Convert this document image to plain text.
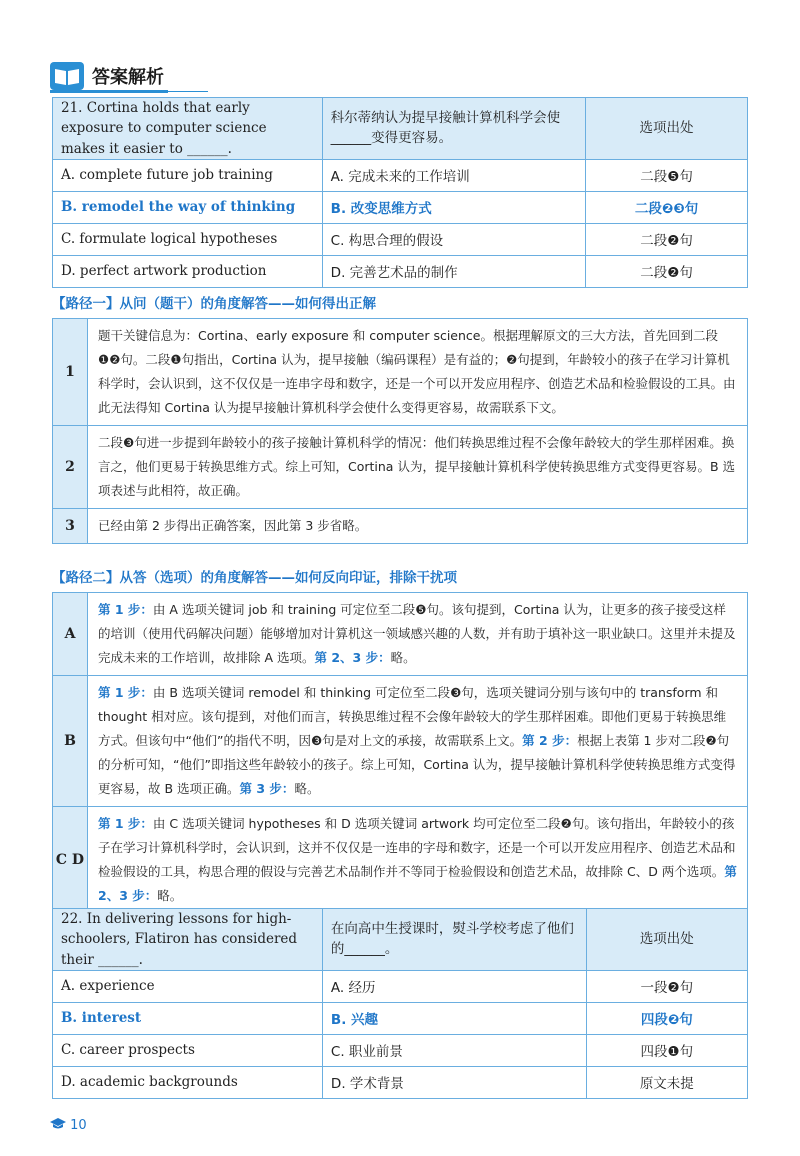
答案解析
21. Cortina holds that early exposure to computer science makes it easier to ______.	科尔蒂纳认为提早接触计算机科学会使______变得更容易。	选项出处
A. complete future job training	A. 完成未来的工作培训	二段❺句
B. remodel the way of thinking	B. 改变思维方式	二段❷❸句
C. formulate logical hypotheses	C. 构思合理的假设	二段❷句
D. perfect artwork production	D. 完善艺术品的制作	二段❷句
【路径一】从问（题干）的角度解答——如何得出正解
1	题干关键信息为：Cortina、early exposure 和 computer science。根据理解原文的三大方法，首先回到二段❶❷句。二段❶句指出，Cortina 认为，提早接触（编码课程）是有益的；❷句提到，年龄较小的孩子在学习计算机科学时，会认识到，这不仅仅是一连串字母和数字，还是一个可以开发应用程序、创造艺术品和检验假设的工具。由此无法得知 Cortina 认为提早接触计算机科学会使什么变得更容易，故需联系下文。
2	二段❸句进一步提到年龄较小的孩子接触计算机科学的情况：他们转换思维过程不会像年龄较大的学生那样困难。换言之，他们更易于转换思维方式。综上可知，Cortina 认为，提早接触计算机科学使转换思维方式变得更容易。B 选项表述与此相符，故正确。
3	已经由第 2 步得出正确答案，因此第 3 步省略。
【路径二】从答（选项）的角度解答——如何反向印证，排除干扰项
A	第 1 步：由 A 选项关键词 job 和 training 可定位至二段❺句。该句提到，Cortina 认为，让更多的孩子接受这样的培训（使用代码解决问题）能够增加对计算机这一领域感兴趣的人数，并有助于填补这一职业缺口。这里并未提及完成未来的工作培训，故排除 A 选项。第 2、3 步：略。
B	第 1 步：由 B 选项关键词 remodel 和 thinking 可定位至二段❸句，选项关键词分别与该句中的 transform 和 thought 相对应。该句提到，对他们而言，转换思维过程不会像年龄较大的学生那样困难。即他们更易于转换思维方式。但该句中“他们”的指代不明，因❸句是对上文的承接，故需联系上文。第 2 步：根据上表第 1 步对二段❷句的分析可知，“他们”即指这些年龄较小的孩子。综上可知，Cortina 认为，提早接触计算机科学使转换思维方式变得更容易，故 B 选项正确。第 3 步：略。
C D	第 1 步：由 C 选项关键词 hypotheses 和 D 选项关键词 artwork 均可定位至二段❷句。该句指出，年龄较小的孩子在学习计算机科学时，会认识到，这并不仅仅是一连串的字母和数字，还是一个可以开发应用程序、创造艺术品和检验假设的工具，构思合理的假设与完善艺术品制作并不等同于检验假设和创造艺术品，故排除 C、D 两个选项。第 2、3 步：略。
22. In delivering lessons for high-schoolers, Flatiron has considered their ______.	在向高中生授课时，熨斗学校考虑了他们的______。	选项出处
A. experience	A. 经历	一段❷句
B. interest	B. 兴趣	四段❷句
C. career prospects	C. 职业前景	四段❶句
D. academic backgrounds	D. 学术背景	原文未提
10
